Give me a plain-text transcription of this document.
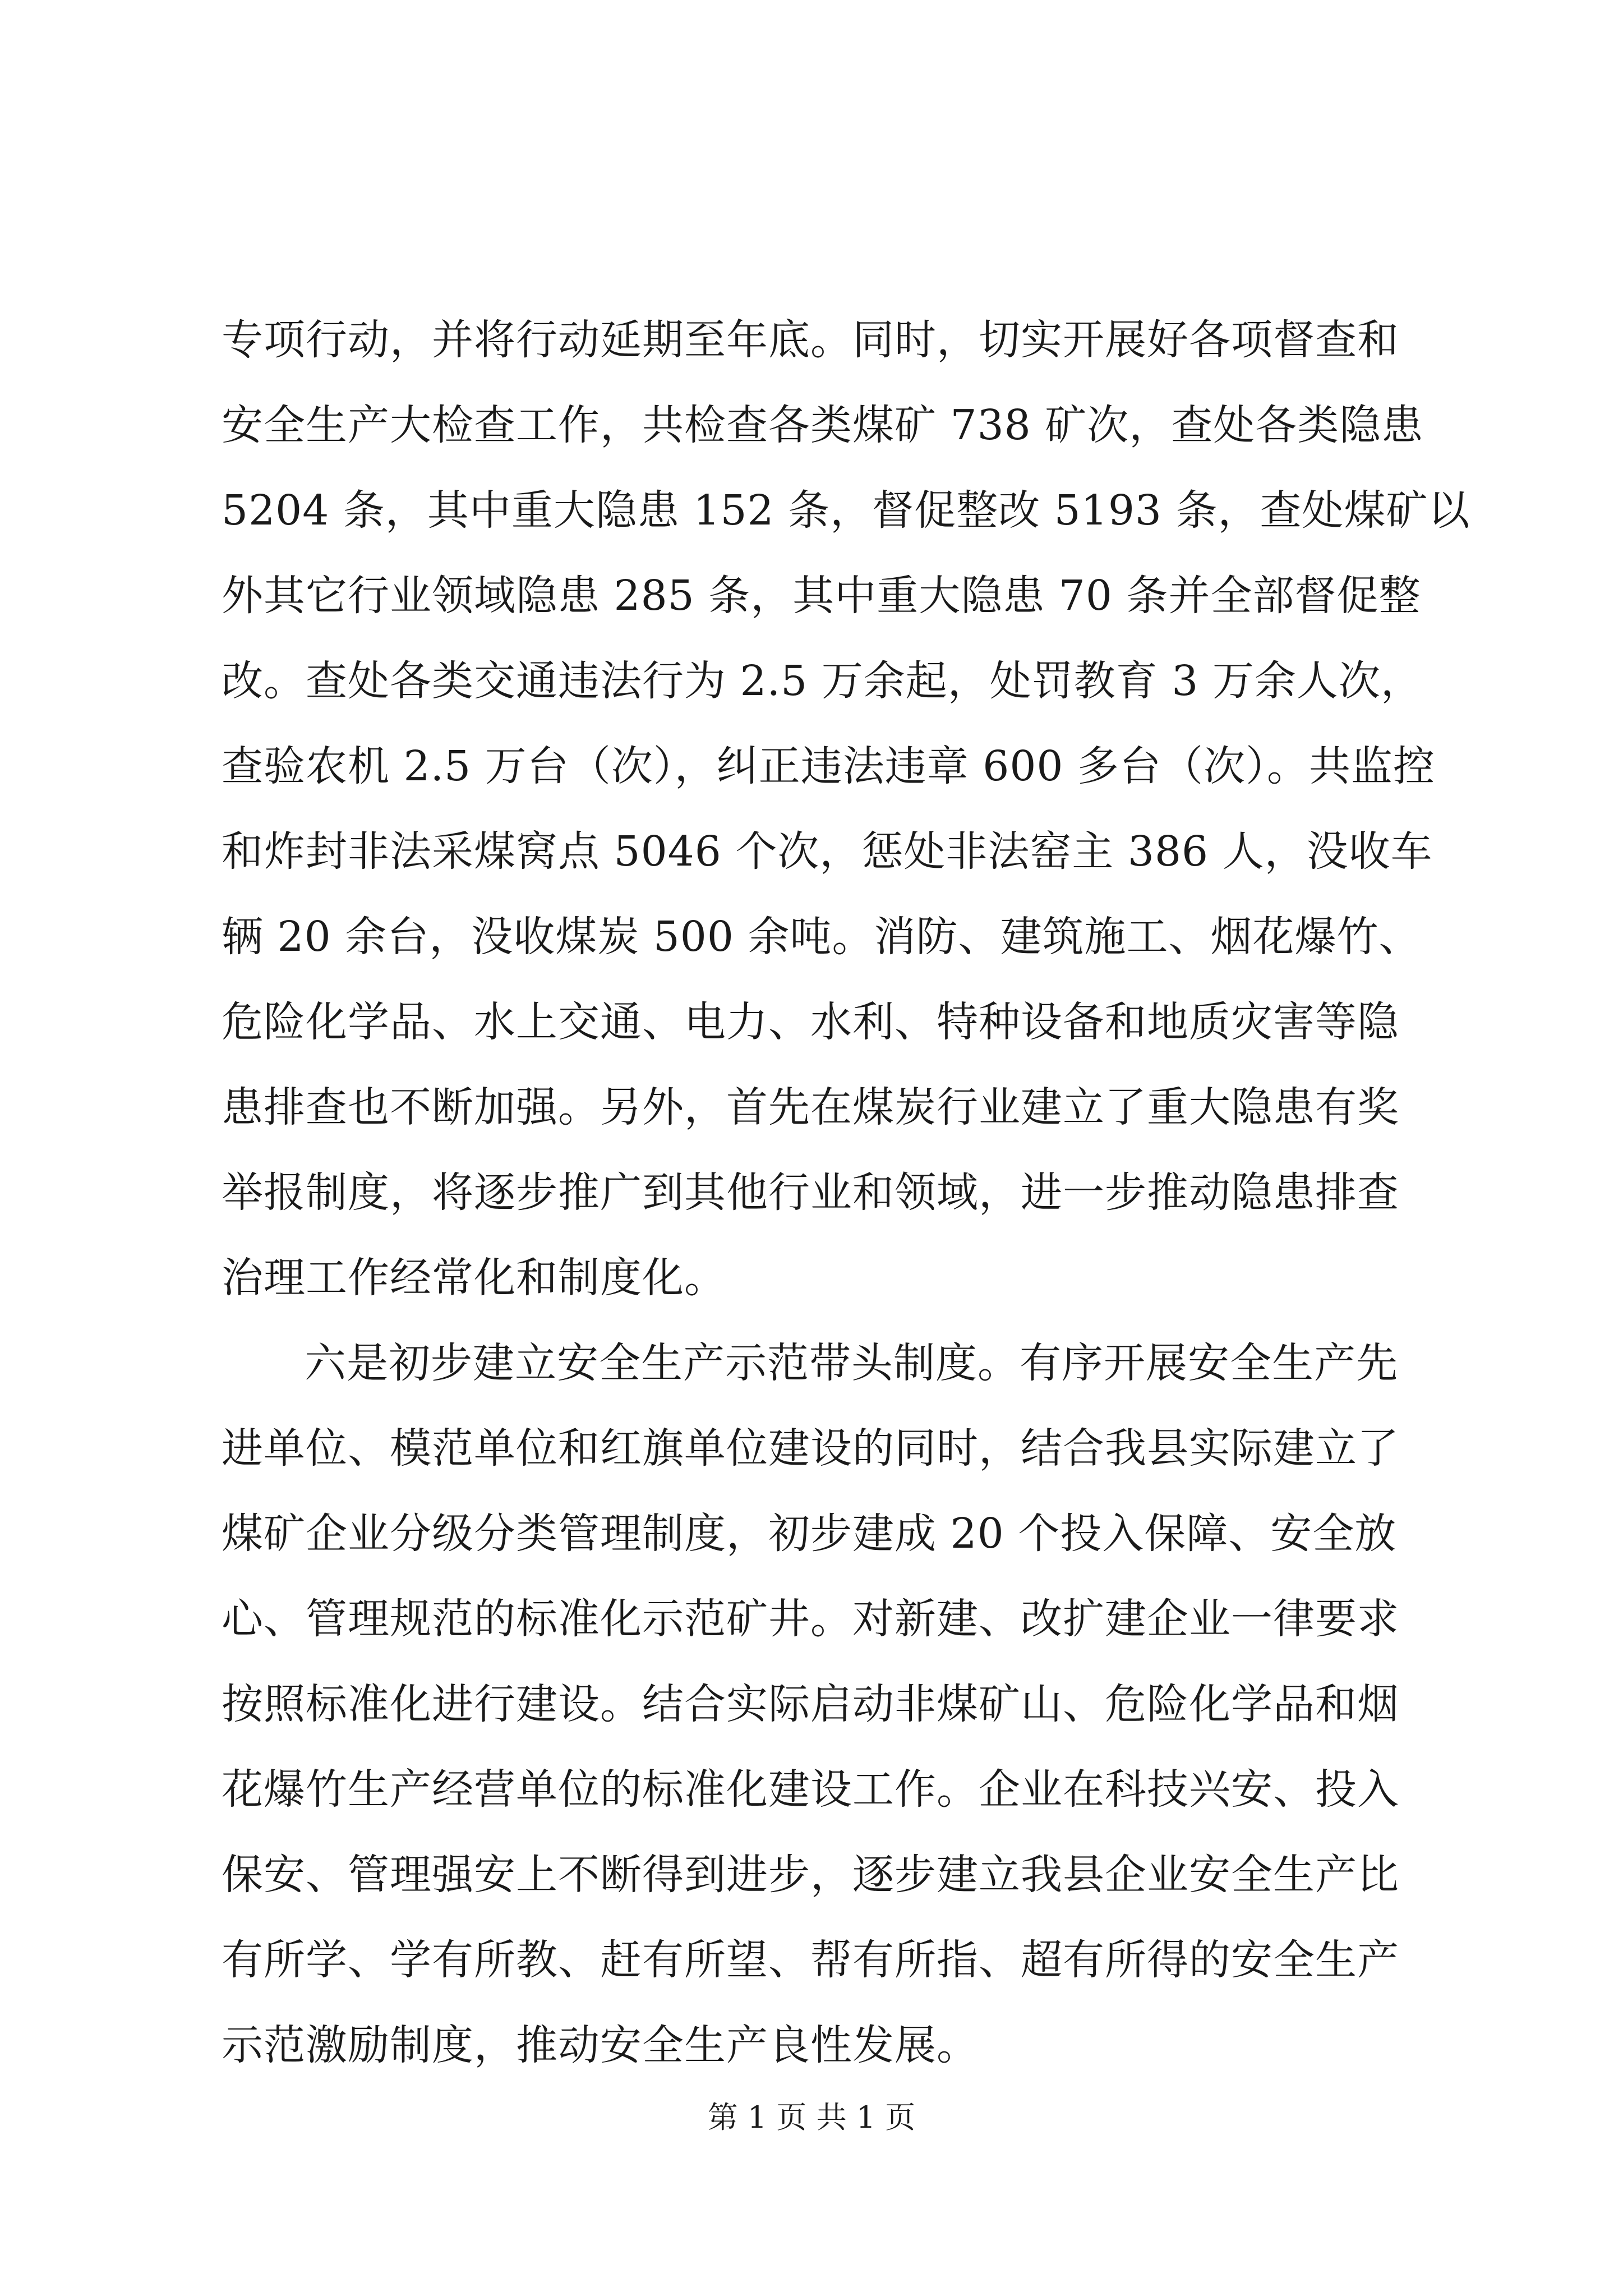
专项行动，并将行动延期至年底。同时，切实开展好各项督查和
安全生产大检查工作，共检查各类煤矿 738 矿次，查处各类隐患
5204 条，其中重大隐患 152 条，督促整改 5193 条，查处煤矿以
外其它行业领域隐患 285 条，其中重大隐患 70 条并全部督促整
改。查处各类交通违法行为 2.5 万余起，处罚教育 3 万余人次，
查验农机 2.5 万台（次），纠正违法违章 600 多台（次）。共监控
和炸封非法采煤窝点 5046 个次，惩处非法窑主 386 人，没收车
辆 20 余台，没收煤炭 500 余吨。消防、建筑施工、烟花爆竹、
危险化学品、水上交通、电力、水利、特种设备和地质灾害等隐
患排查也不断加强。另外，首先在煤炭行业建立了重大隐患有奖
举报制度，将逐步推广到其他行业和领域，进一步推动隐患排查
治理工作经常化和制度化。
六是初步建立安全生产示范带头制度。有序开展安全生产先
进单位、模范单位和红旗单位建设的同时，结合我县实际建立了
煤矿企业分级分类管理制度，初步建成 20 个投入保障、安全放
心、管理规范的标准化示范矿井。对新建、改扩建企业一律要求
按照标准化进行建设。结合实际启动非煤矿山、危险化学品和烟
花爆竹生产经营单位的标准化建设工作。企业在科技兴安、投入
保安、管理强安上不断得到进步，逐步建立我县企业安全生产比
有所学、学有所教、赶有所望、帮有所指、超有所得的安全生产
示范激励制度，推动安全生产良性发展。
第 1 页 共 1 页
